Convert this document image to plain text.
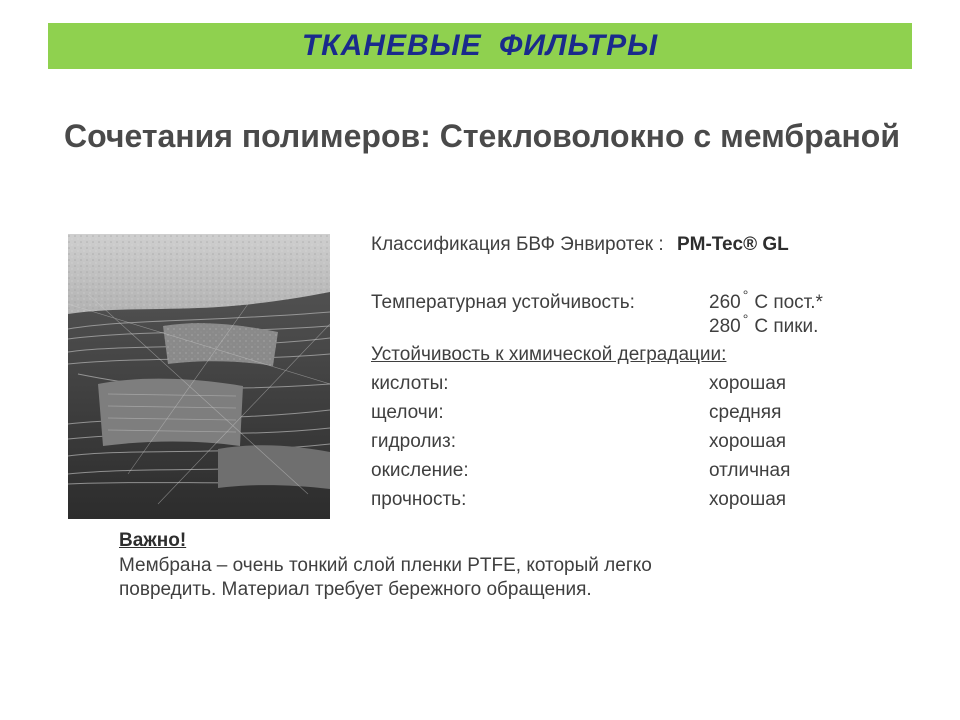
ТКАНЕВЫЕ ФИЛЬТРЫ
Сочетания полимеров: Стекловолокно с мембраной
Классификация БВФ Энвиротек : PM-Tec® GL
Температурная устойчивость:	260 ° С пост.*
280 ° С пики.
Устойчивость к химической деградации:
кислоты:	хорошая
щелочи:	средняя
гидролиз:	хорошая
окисление:	отличная
прочность:	хорошая
Важно!
Мембрана – очень тонкий слой пленки PTFE, который легко
повредить. Материал требует бережного обращения.
